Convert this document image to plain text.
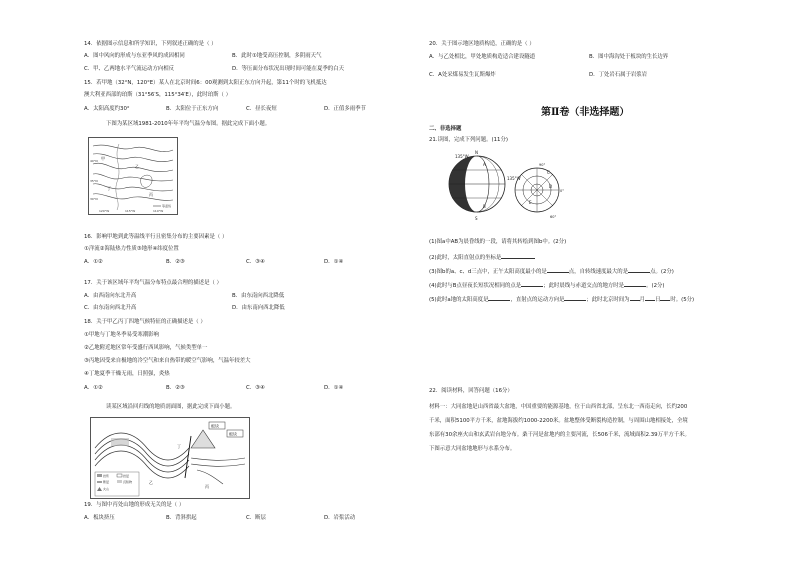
14．依据图示信息和所学知识，下列叙述正确的是（ ）
A．图中风向的形成与东亚季风的成因相同	B．此时①地受高压控制，多阴雨天气
C．甲、乙两地水平气流运动方向相反	D．等压面分布状况出现时间可能在夏季的白天
15．若甲地（32°N，120°E）某人在北京时间6：00观测到太阳正东方向升起，第11个时的飞机抵达
澳大利亚西部的珀斯（31°56′S，115°34′E），此时珀斯（ ）
A．太阳高度约30°	B．太阳位于正东方向	C．昼长夜短	D．正值多雨季节
下图为某区域1981-2010年年平均气温分布图。据此完成下面小题。
甲
乙
丙
丁
40°N
35°N
30°N
120°W	115°W	110°W
等温线
16．影响甲地到此等温线平行且密集分布的主要因素是（ ）
①洋流②海陆热力性质③地形④纬度位置
A．①②	B．②③	C．③④	D．①④
17．关于该区域年平均气温分布特点最合理的描述是（ ）
A．由西南向东北升高	B．由东南向西北降低
C．由东南向西北升高	D．由东南向西北降低
18．关于甲乙丙丁四地气候特征的正确描述是（ ）
①甲地与丁地冬季易受寒潮影响
②乙地附近地区常年受盛行西风影响，气候类型单一
③丙地因受来自极地的冷空气和来自热带的暖空气影响，气温年较差大
④丁地夏季干燥无雨，日照强，炎热
A．①②	B．②③	C．③④	D．①④
读某区域沿回归线的地质剖面图，据此完成下面小题。
板块
板块
乙
丙
丁
岩浆	岩层
断层	沉积物
火山
19．与图中丙处山地的形成无关的是（ ）
A．板块挤压	B．背斜拱起	C．断层	D．岩浆活动
20．关于图示地区地质构造，正确的是（ ）
A．与乙处相比，甲处地质构造适合建设隧道	B．图中海沟处于板块的生长边界
C．A处采煤易发生瓦斯爆炸	D．丁处岩石属于岩浆岩
第Ⅱ卷（非选择题）
二、非选择题
21.读图，完成下列问题。(11分)
135°W
N
S
A
B
135°W
C
D
E
90°
60°
0°
(1)图a中AB为晨昏线的一段，请将其转绘到图b中。(2分)
(2)此时，太阳直射点的坐标是
(3)图b的a、c、d三点中，正午太阳高度最小的是	点，自转线速度最大的是	点。(2分)
(4)此时与B点昼夜长短状况相同的点是	；此时晨线与赤道交点的地方时是	。(2分)
(5)此时a地的太阳高度是	，直射点的运动方向是	；此时北京时间为 月 日 时。(5分)
22．阅读材料，回答问题（16分）
材料一：大同盆地是山西省最大盆地，中国重要的能源基地，位于山西省北部，呈东北一西南走向，长约200
千米，面积5100平方千米，盆地海拔约1000-2200米。盆地整体受断裂构造控制，与周围山地相接处，全境
东部有30余座火山和玄武岩台地分布。桑干河是盆地内的主要河流，长506千米，流域面积2.39万平方千米。
下图示意大同盆地地形与水系分布。
